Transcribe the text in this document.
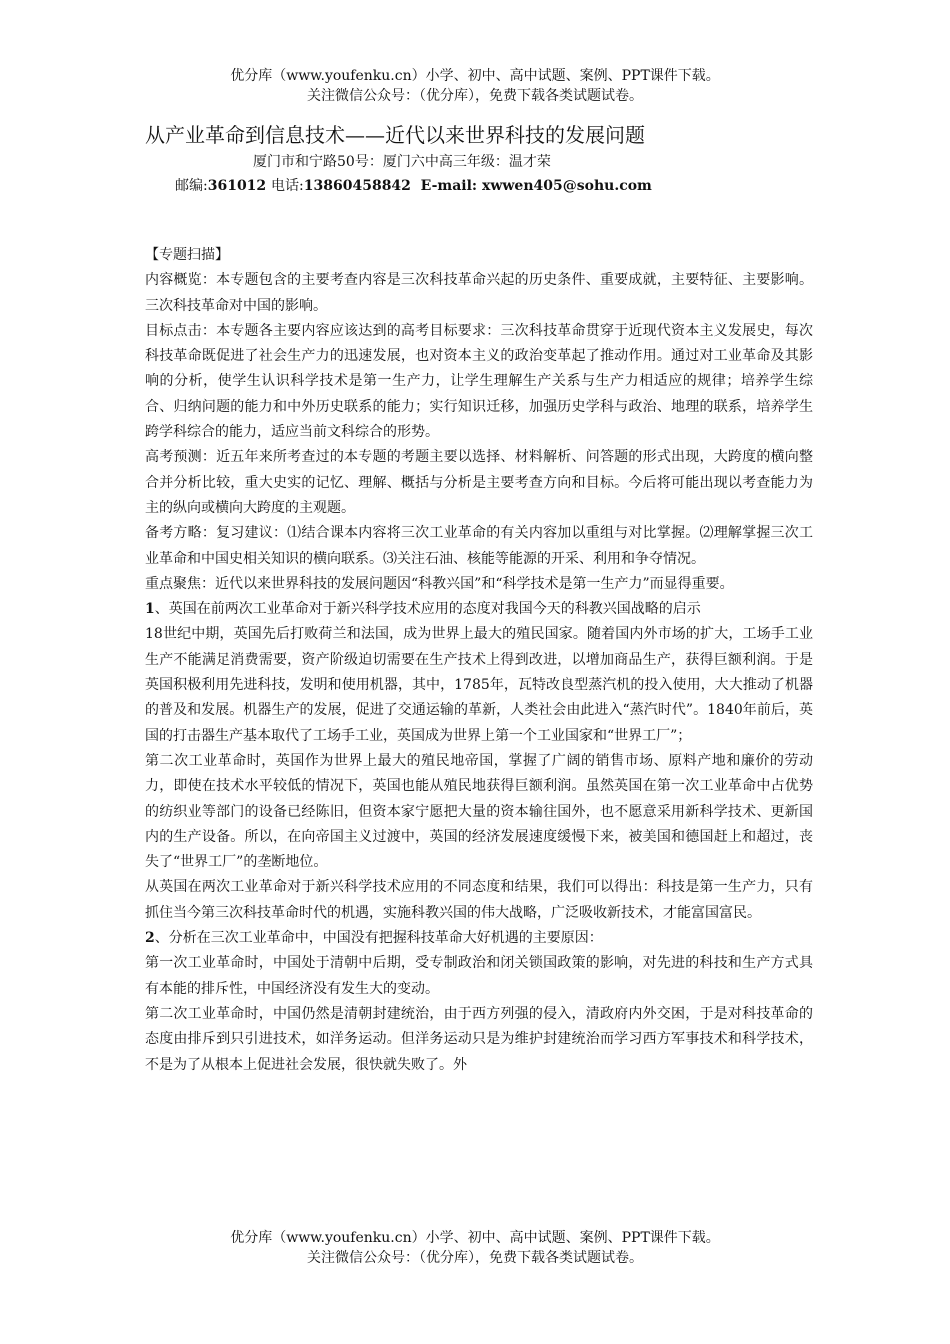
优分库（www.youfenku.cn）小学、初中、高中试题、案例、PPT课件下载。
关注微信公众号：（优分库），免费下载各类试题试卷。
从产业革命到信息技术——近代以来世界科技的发展问题
厦门市和宁路50号：厦门六中高三年级：温才荣
邮编:361012 电话:13860458842 E-mail: xwwen405@sohu.com

【专题扫描】

内容概览：本专题包含的主要考查内容是三次科技革命兴起的历史条件、重要成就，主要特征、主要影响。三次科技革命对中国的影响。

目标点击：本专题各主要内容应该达到的高考目标要求：三次科技革命贯穿于近现代资本主义发展史，每次科技革命既促进了社会生产力的迅速发展，也对资本主义的政治变革起了推动作用。通过对工业革命及其影响的分析，使学生认识科学技术是第一生产力，让学生理解生产关系与生产力相适应的规律；培养学生综合、归纳问题的能力和中外历史联系的能力；实行知识迁移，加强历史学科与政治、地理的联系，培养学生跨学科综合的能力，适应当前文科综合的形势。

高考预测：近五年来所考查过的本专题的考题主要以选择、材料解析、问答题的形式出现，大跨度的横向整合并分析比较，重大史实的记忆、理解、概括与分析是主要考查方向和目标。今后将可能出现以考查能力为主的纵向或横向大跨度的主观题。

备考方略：复习建议：⑴结合课本内容将三次工业革命的有关内容加以重组与对比掌握。⑵理解掌握三次工业革命和中国史相关知识的横向联系。⑶关注石油、核能等能源的开采、利用和争夺情况。

重点聚焦：近代以来世界科技的发展问题因“科教兴国”和“科学技术是第一生产力”而显得重要。

1、英国在前两次工业革命对于新兴科学技术应用的态度对我国今天的科教兴国战略的启示

18世纪中期，英国先后打败荷兰和法国，成为世界上最大的殖民国家。随着国内外市场的扩大，工场手工业生产不能满足消费需要，资产阶级迫切需要在生产技术上得到改进，以增加商品生产，获得巨额利润。于是英国积极利用先进科技，发明和使用机器，其中，1785年，瓦特改良型蒸汽机的投入使用，大大推动了机器的普及和发展。机器生产的发展，促进了交通运输的革新，人类社会由此进入“蒸汽时代”。1840年前后，英国的打击器生产基本取代了工场手工业，英国成为世界上第一个工业国家和“世界工厂”；

第二次工业革命时，英国作为世界上最大的殖民地帝国，掌握了广阔的销售市场、原料产地和廉价的劳动力，即使在技术水平较低的情况下，英国也能从殖民地获得巨额利润。虽然英国在第一次工业革命中占优势的纺织业等部门的设备已经陈旧，但资本家宁愿把大量的资本输往国外，也不愿意采用新科学技术、更新国内的生产设备。所以，在向帝国主义过渡中，英国的经济发展速度缓慢下来，被美国和德国赶上和超过，丧失了“世界工厂”的垄断地位。

从英国在两次工业革命对于新兴科学技术应用的不同态度和结果，我们可以得出：科技是第一生产力，只有抓住当今第三次科技革命时代的机遇，实施科教兴国的伟大战略，广泛吸收新技术，才能富国富民。

2、分析在三次工业革命中，中国没有把握科技革命大好机遇的主要原因：

第一次工业革命时，中国处于清朝中后期，受专制政治和闭关锁国政策的影响，对先进的科技和生产方式具有本能的排斥性，中国经济没有发生大的变动。

第二次工业革命时，中国仍然是清朝封建统治，由于西方列强的侵入，清政府内外交困，于是对科技革命的态度由排斥到只引进技术，如洋务运动。但洋务运动只是为维护封建统治而学习西方军事技术和科学技术，不是为了从根本上促进社会发展，很快就失败了。外

优分库（www.youfenku.cn）小学、初中、高中试题、案例、PPT课件下载。
关注微信公众号：（优分库），免费下载各类试题试卷。
